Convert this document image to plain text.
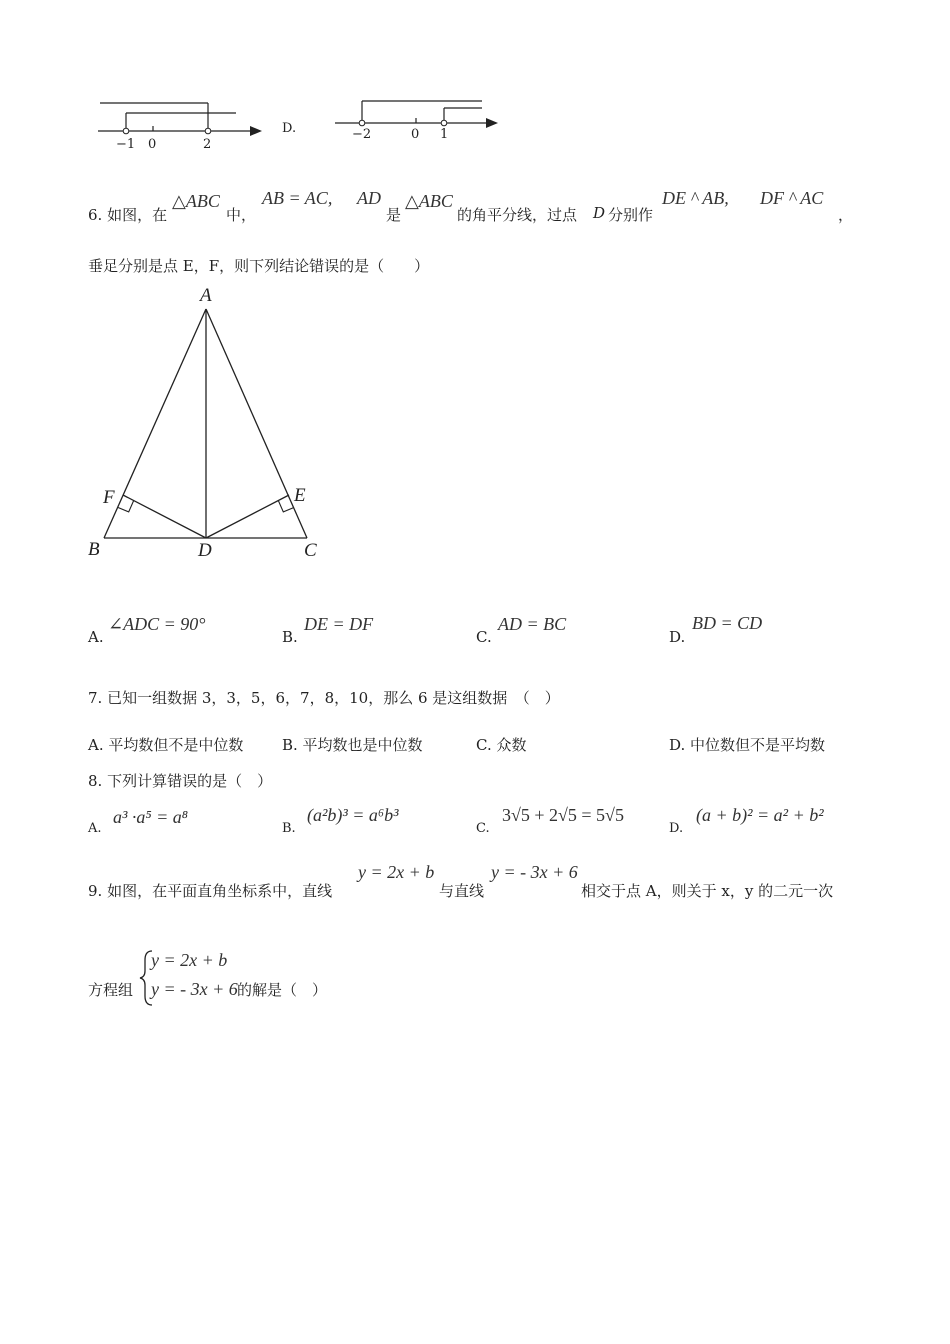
−1 0	2
D.	−2	0 1
6. 如图，在
△ABC
中，
AB = AC, AD
是
△ABC
的角平分线，过点 D 分别作
DE ^ AB, DF ^ AC
，
垂足分别是点 E，F，则下列结论错误的是（　　）
A
B	C
D
E
F
A.
∠ADC = 90°
B.
DE = DF
C.
AD = BC
D.
BD = CD
7. 已知一组数据 3，3，5，6，7，8，10，那么 6 是这组数据　（　）
A. 平均数但不是中位数	B. 平均数也是中位数	C. 众数	D. 中位数但不是平均数
8. 下列计算错误的是（　）
A.
a³ ·a⁵ = a⁸
B.
(a²b)³ = a⁶b³
C.
3√5 + 2√5 = 5√5
D.
(a + b)² = a² + b²
9. 如图，在平面直角坐标系中，直线
y = 2x + b
与直线
y = - 3x + 6
相交于点 A，则关于 x，y 的二元一次
方程组
y = 2x + b
y = - 3x + 6 的解是（　）
